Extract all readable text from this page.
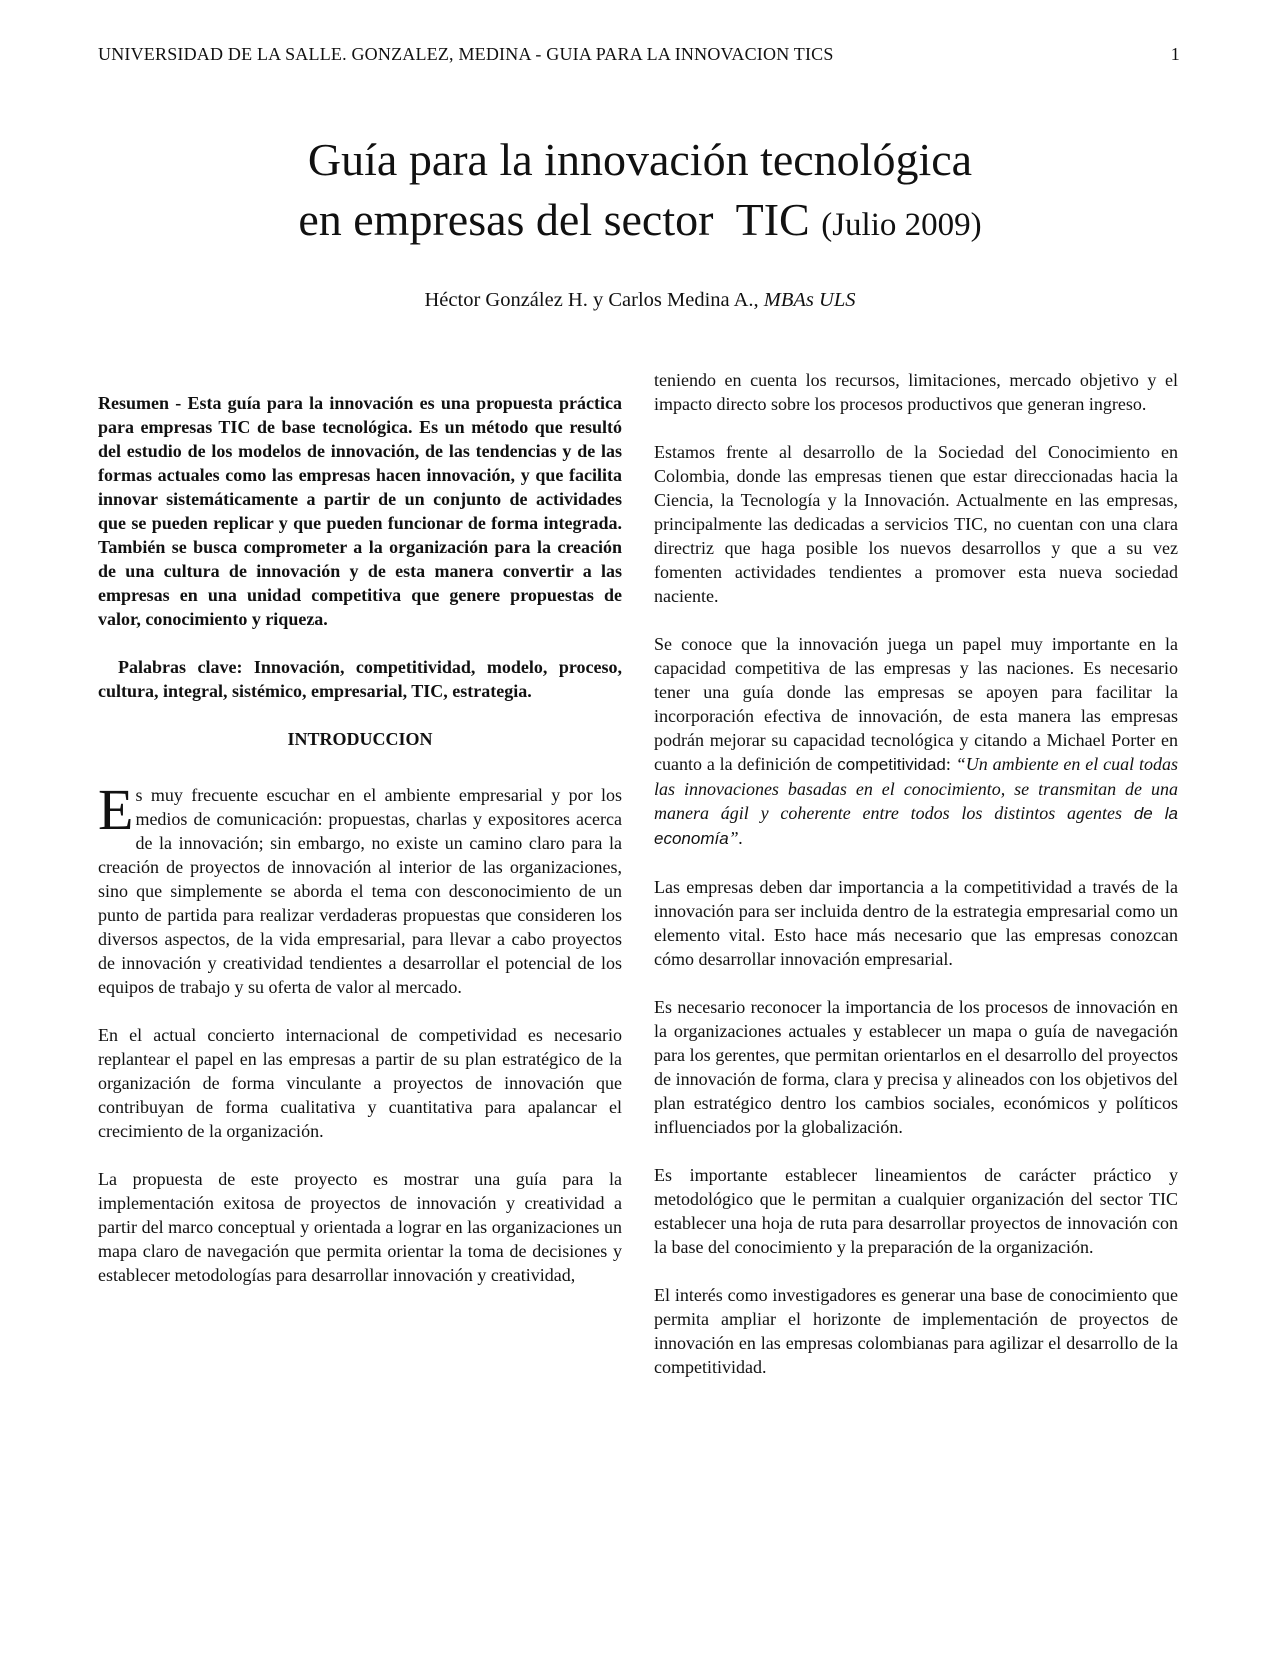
UNIVERSIDAD DE LA SALLE. GONZALEZ, MEDINA - GUIA PARA LA INNOVACION TICS	1
Guía para la innovación tecnológica
en empresas del sector  TIC (Julio 2009)
Héctor González H. y Carlos Medina A., MBAs ULS

Resumen - Esta guía para la innovación es una propuesta práctica para empresas TIC de base tecnológica. Es un método que resultó del estudio de los modelos de innovación, de las tendencias y de las formas actuales como las empresas hacen innovación, y que facilita innovar sistemáticamente a partir de un conjunto de actividades que se pueden replicar y que pueden funcionar de forma integrada. También se busca comprometer a la organización para la creación de una cultura de innovación y de esta manera convertir a las empresas en una unidad competitiva que genere propuestas de valor, conocimiento y riqueza.

Palabras clave: Innovación, competitividad, modelo, proceso, cultura, integral, sistémico, empresarial, TIC, estrategia.

INTRODUCCION

Es muy frecuente escuchar en el ambiente empresarial y por los medios de comunicación: propuestas, charlas y expositores acerca de la innovación; sin embargo, no existe un camino claro para la creación de proyectos de innovación al interior de las organizaciones, sino que simplemente se aborda el tema con desconocimiento de un punto de partida para realizar verdaderas propuestas que consideren los diversos aspectos, de la vida empresarial, para llevar a cabo proyectos de innovación y creatividad tendientes a desarrollar el potencial de los equipos de trabajo y su oferta de valor al mercado.

En el actual concierto internacional de competividad es necesario replantear el papel en las empresas a partir de su plan estratégico de la organización de forma vinculante a proyectos de innovación que contribuyan de forma cualitativa y cuantitativa para apalancar el crecimiento de la organización.

La propuesta de este proyecto es mostrar una guía para la implementación exitosa de proyectos de innovación y creatividad a partir del marco conceptual y orientada a lograr en las organizaciones un mapa claro de navegación que permita orientar la toma de decisiones y establecer metodologías para desarrollar innovación y creatividad,

teniendo en cuenta los recursos, limitaciones, mercado objetivo y el impacto directo sobre los procesos productivos que generan ingreso.

Estamos frente al desarrollo de la Sociedad del Conocimiento en Colombia, donde las empresas tienen que estar direccionadas hacia la Ciencia, la Tecnología y la Innovación. Actualmente en las empresas, principalmente las dedicadas a servicios TIC, no cuentan con una clara directriz que haga posible los nuevos desarrollos y que a su vez fomenten actividades tendientes a promover esta nueva sociedad naciente.

Se conoce que la innovación juega un papel muy importante en la capacidad competitiva de las empresas y las naciones. Es necesario tener una guía donde las empresas se apoyen para facilitar la incorporación efectiva de innovación, de esta manera las empresas podrán mejorar su capacidad tecnológica y citando a Michael Porter en cuanto a la definición de competitividad: “Un ambiente en el cual todas las innovaciones basadas en el conocimiento, se transmitan de una manera ágil y coherente entre todos los distintos agentes de la economía”.

Las empresas deben dar importancia a la competitividad a través de la innovación para ser incluida dentro de la estrategia empresarial como un elemento vital. Esto hace más necesario que las empresas conozcan cómo desarrollar innovación empresarial.

Es necesario reconocer la importancia de los procesos de innovación en la organizaciones actuales y establecer un mapa o guía de navegación para los gerentes, que permitan orientarlos en el desarrollo del proyectos de innovación de forma, clara y precisa y alineados con los objetivos del plan estratégico dentro los cambios sociales, económicos y políticos influenciados por la globalización.

Es importante establecer lineamientos de carácter práctico y metodológico que le permitan a cualquier organización del sector TIC establecer una hoja de ruta para desarrollar proyectos de innovación con la base del conocimiento y la preparación de la organización.

El interés como investigadores es generar una base de conocimiento que permita ampliar el horizonte de implementación de proyectos de innovación en las empresas colombianas para agilizar el desarrollo de la competitividad.
